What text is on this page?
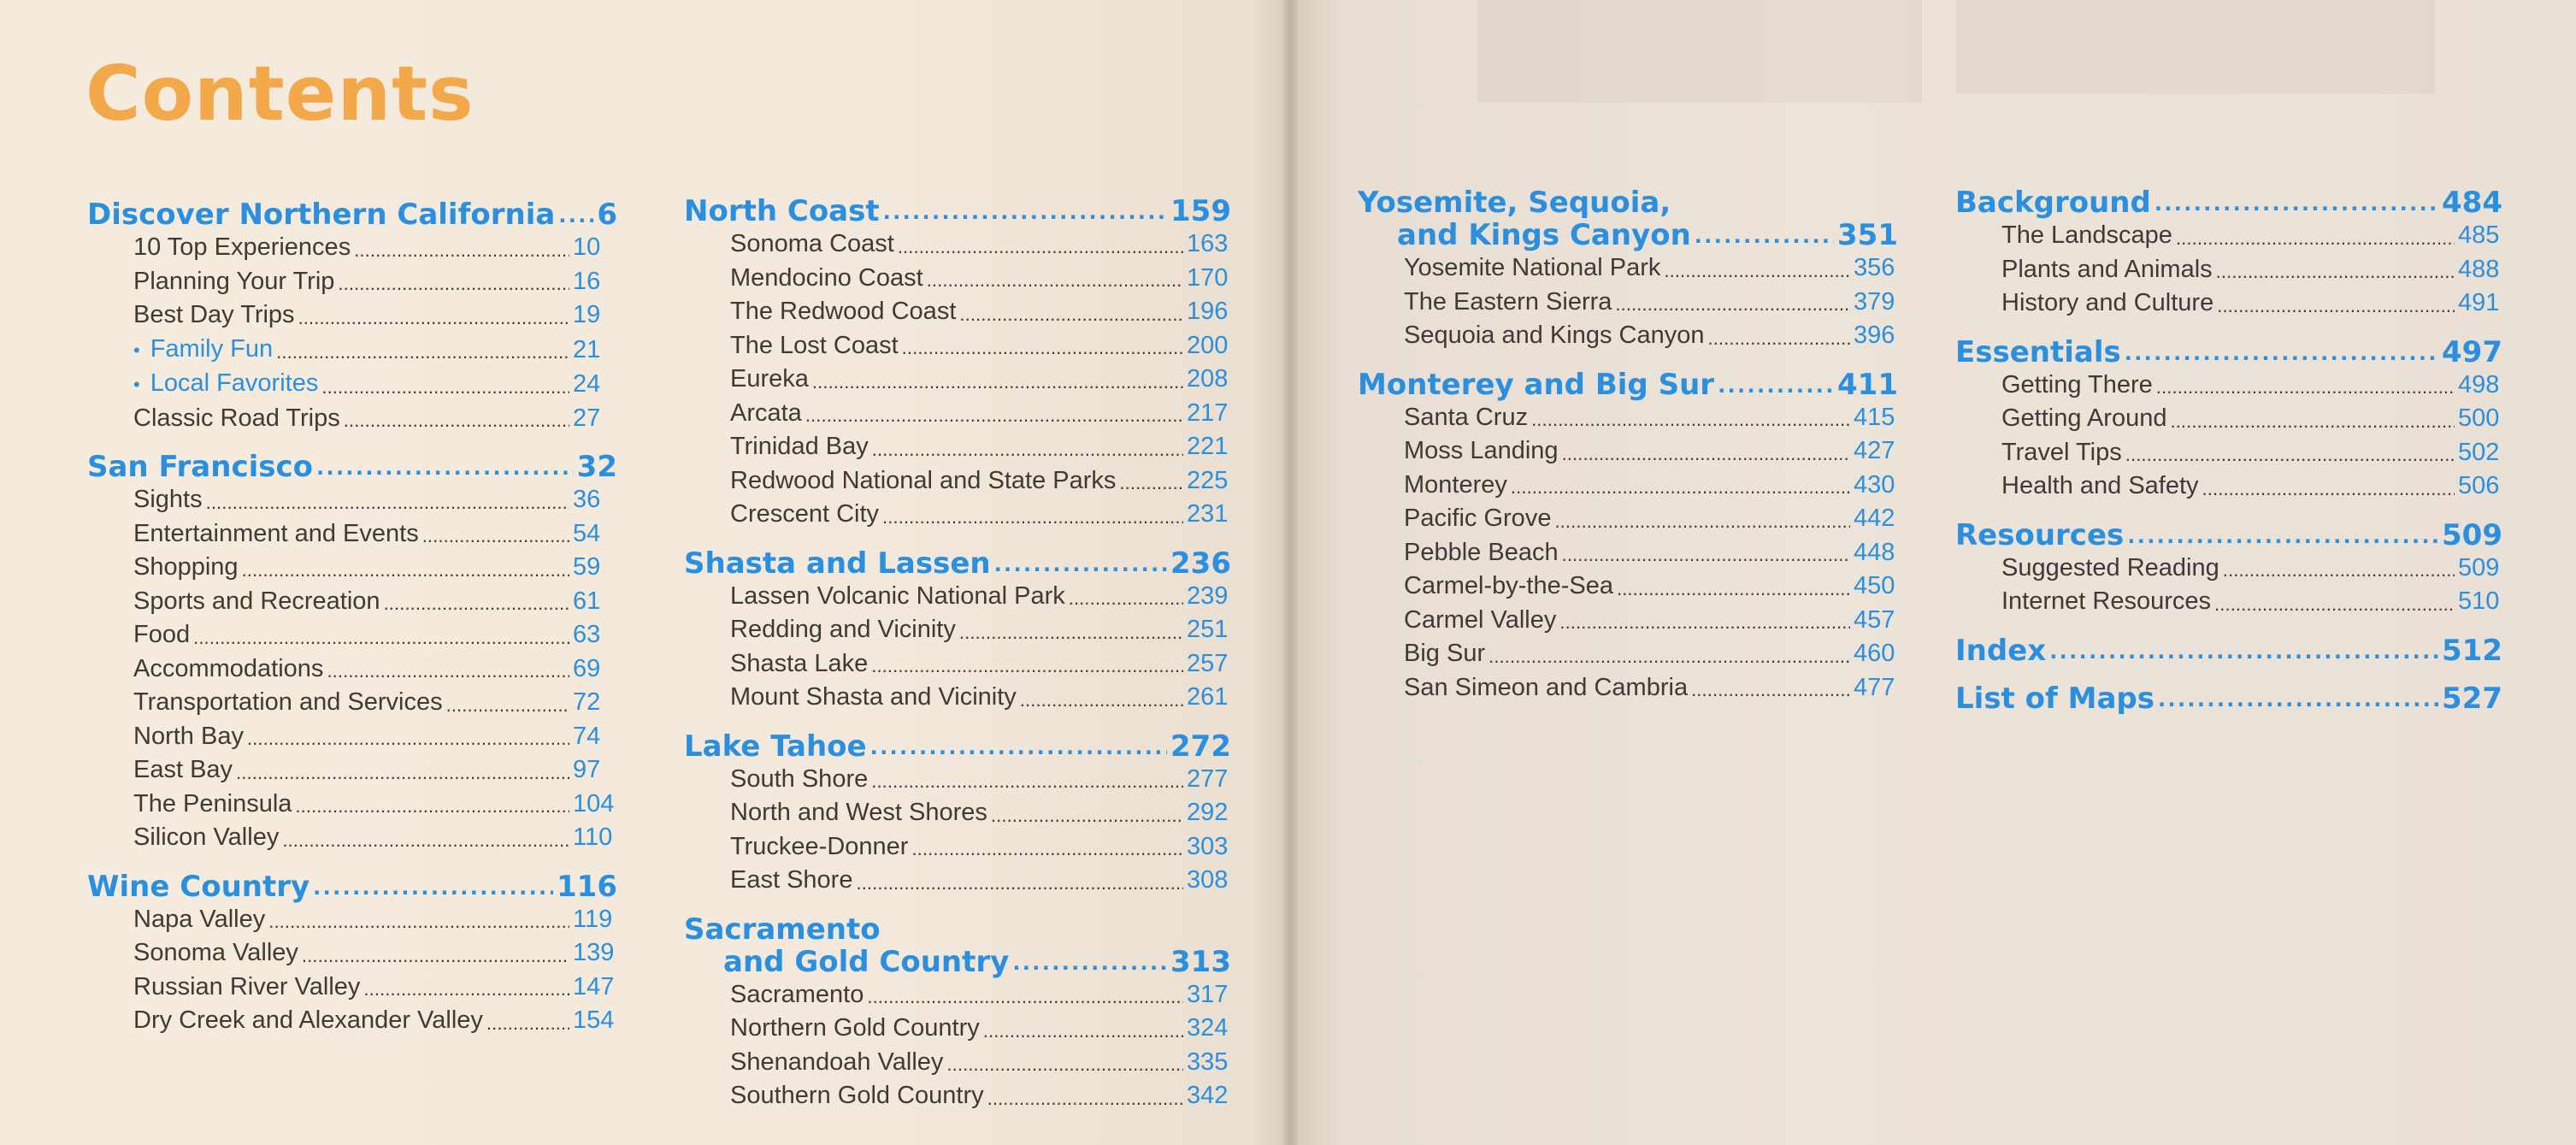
Contents
Discover Northern California . . . 6
10 Top Experiences . . .	10
Planning Your Trip . . .	16
Best Day Trips . . .	19
• Family Fun . . .	21
• Local Favorites . . .	24
Classic Road Trips . . .	27
San Francisco . . .	32
Sights . . .	36
Entertainment and Events . . .	54
Shopping . . .	59
Sports and Recreation . . .	61
Food . . .	63
Accommodations . . .	69
Transportation and Services . . .	72
North Bay . . .	74
East Bay . . .	97
The Peninsula . . .	104
Silicon Valley . . .	110
Wine Country . . .	116
Napa Valley . . .	119
Sonoma Valley . . .	139
Russian River Valley . . .	147
Dry Creek and Alexander Valley . . .	154
North Coast . . .	159
Sonoma Coast . . .	163
Mendocino Coast . . .	170
The Redwood Coast . . .	196
The Lost Coast . . .	200
Eureka . . .	208
Arcata . . .	217
Trinidad Bay . . .	221
Redwood National and State Parks . . .	225
Crescent City . . .	231
Shasta and Lassen . . .	236
Lassen Volcanic National Park . . .	239
Redding and Vicinity . . .	251
Shasta Lake . . .	257
Mount Shasta and Vicinity . . .	261
Lake Tahoe . . .	272
South Shore . . .	277
North and West Shores . . .	292
Truckee-Donner . . .	303
East Shore . . .	308
Sacramento
and Gold Country . . .	313
Sacramento . . .	317
Northern Gold Country . . .	324
Shenandoah Valley . . .	335
Southern Gold Country . . .	342
Yosemite, Sequoia,
and Kings Canyon . . .	351
Yosemite National Park . . .	356
The Eastern Sierra . . .	379
Sequoia and Kings Canyon . . .	396
Monterey and Big Sur . . .	411
Santa Cruz . . .	415
Moss Landing . . .	427
Monterey . . .	430
Pacific Grove . . .	442
Pebble Beach . . .	448
Carmel-by-the-Sea . . .	450
Carmel Valley . . .	457
Big Sur . . .	460
San Simeon and Cambria . . .	477
Background . . .	484
The Landscape . . .	485
Plants and Animals . . .	488
History and Culture . . .	491
Essentials . . .	497
Getting There . . .	498
Getting Around . . .	500
Travel Tips . . .	502
Health and Safety . . .	506
Resources . . .	509
Suggested Reading . . .	509
Internet Resources . . .	510
Index . . .	512
List of Maps . . .	527
